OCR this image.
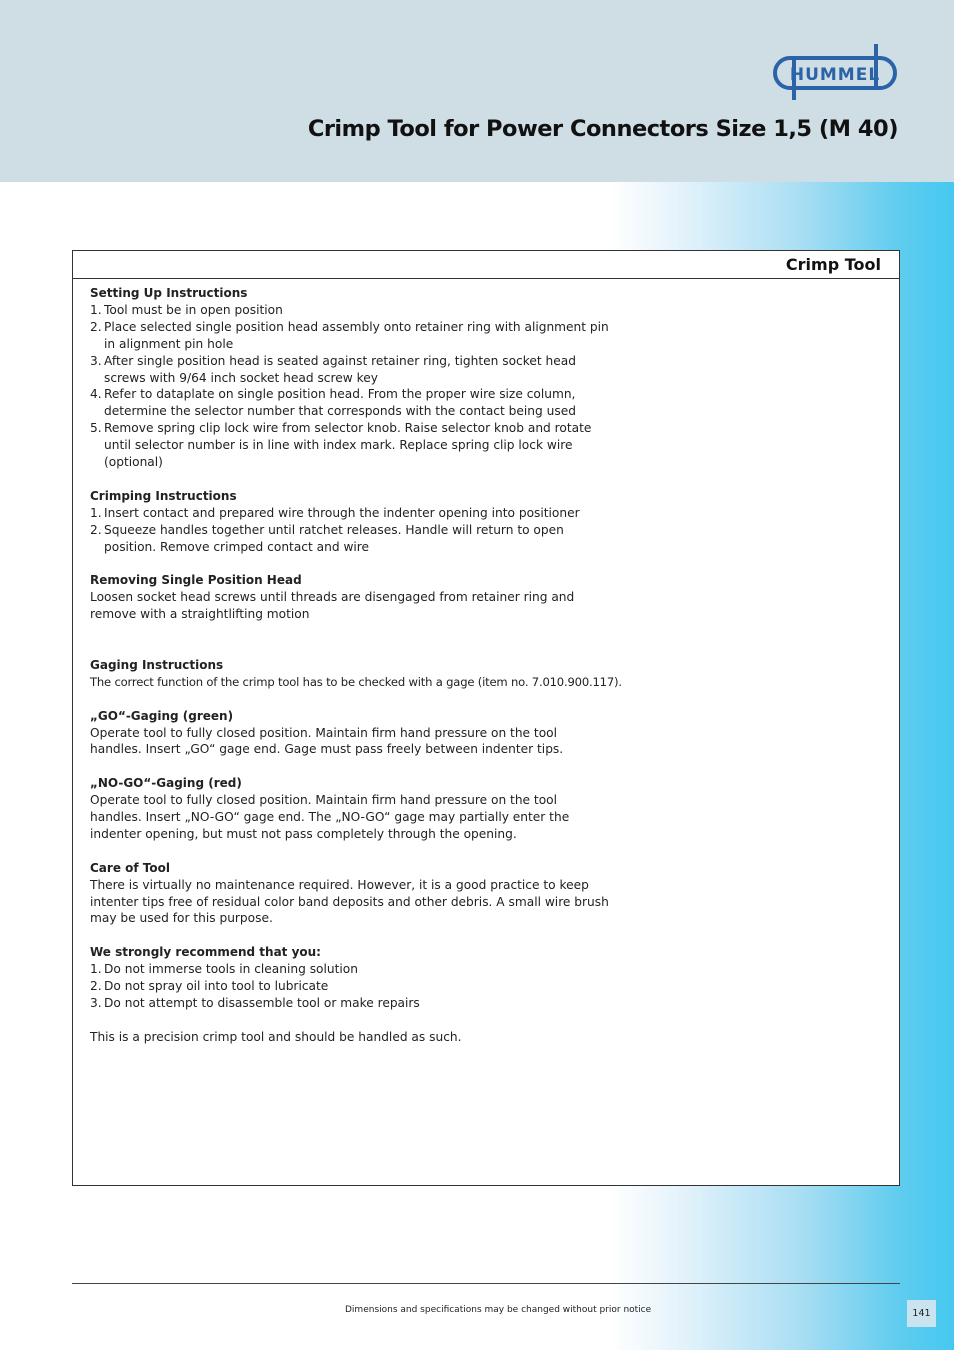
HUMMEL
Crimp Tool for Power Connectors Size 1,5 (M 40)
Crimp Tool
Setting Up Instructions
1. Tool must be in open position
2. Place selected single position head assembly onto retainer ring with alignment pin in alignment pin hole
3. After single position head is seated against retainer ring, tighten socket head screws with 9/64 inch socket head screw key
4. Refer to dataplate on single position head. From the proper wire size column, determine the selector number that corresponds with the contact being used
5. Remove spring clip lock wire from selector knob. Raise selector knob and rotate until selector number is in line with index mark. Replace spring clip lock wire (optional)
Crimping Instructions
1. Insert contact and prepared wire through the indenter opening into positioner
2. Squeeze handles together until ratchet releases. Handle will return to open position. Remove crimped contact and wire
Removing Single Position Head
Loosen socket head screws until threads are disengaged from retainer ring and remove with a straightlifting motion
Gaging Instructions
The correct function of the crimp tool has to be checked with a gage (item no. 7.010.900.117).
„GO“-Gaging (green)
Operate tool to fully closed position. Maintain firm hand pressure on the tool handles. Insert „GO“ gage end. Gage must pass freely between indenter tips.
„NO-GO“-Gaging (red)
Operate tool to fully closed position. Maintain firm hand pressure on the tool handles. Insert „NO-GO“ gage end. The „NO-GO“ gage may partially enter the indenter opening, but must not pass completely through the opening.
Care of Tool
There is virtually no maintenance required. However, it is a good practice to keep intenter tips free of residual color band deposits and other debris. A small wire brush may be used for this purpose.
We strongly recommend that you:
1. Do not immerse tools in cleaning solution
2. Do not spray oil into tool to lubricate
3. Do not attempt to disassemble tool or make repairs
This is a precision crimp tool and should be handled as such.
Dimensions and specifications may be changed without prior notice	141
